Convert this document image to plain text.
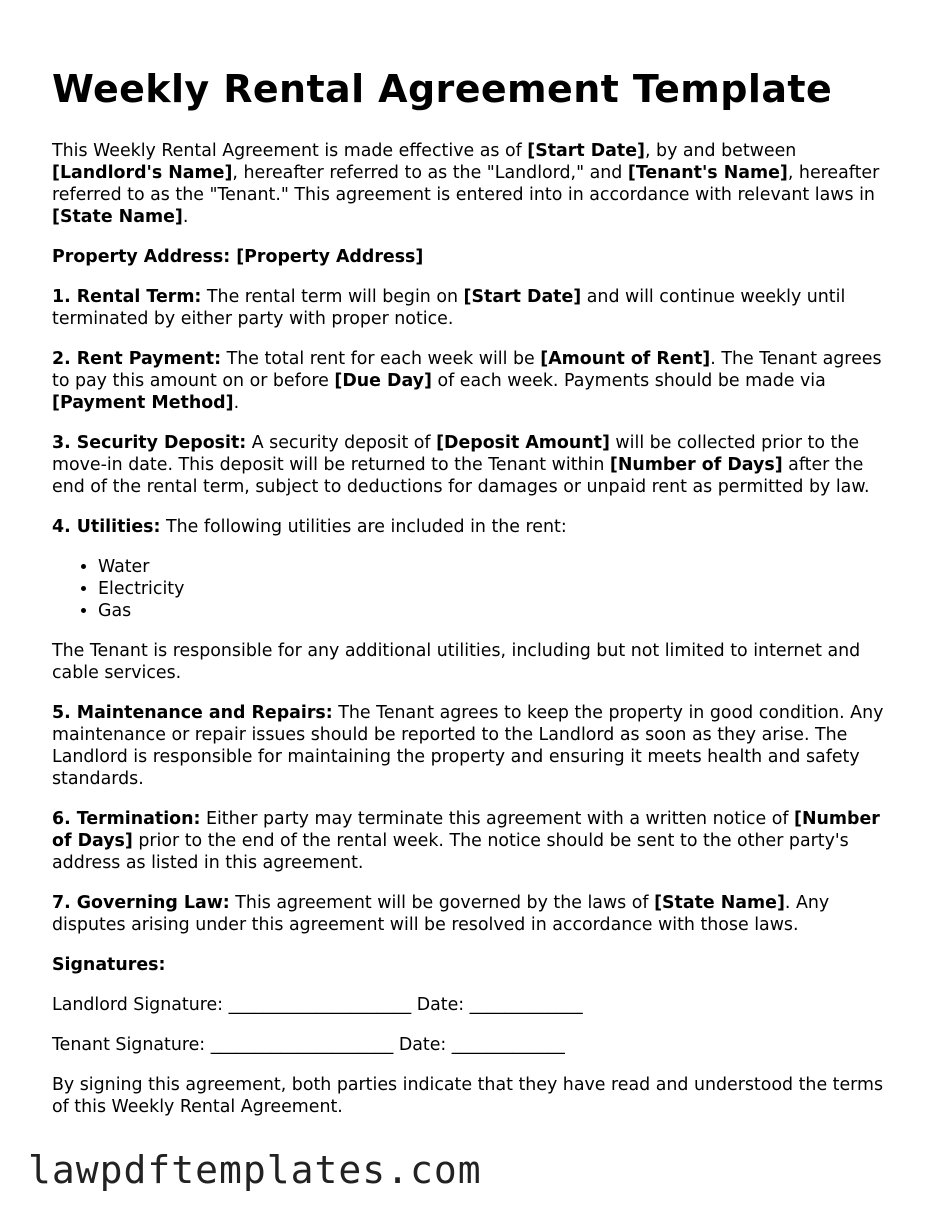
Weekly Rental Agreement Template

This Weekly Rental Agreement is made effective as of [Start Date], by and between [Landlord's Name], hereafter referred to as the "Landlord," and [Tenant's Name], hereafter referred to as the "Tenant." This agreement is entered into in accordance with relevant laws in [State Name].

Property Address: [Property Address]

1. Rental Term: The rental term will begin on [Start Date] and will continue weekly until terminated by either party with proper notice.

2. Rent Payment: The total rent for each week will be [Amount of Rent]. The Tenant agrees to pay this amount on or before [Due Day] of each week. Payments should be made via [Payment Method].

3. Security Deposit: A security deposit of [Deposit Amount] will be collected prior to the move-in date. This deposit will be returned to the Tenant within [Number of Days] after the end of the rental term, subject to deductions for damages or unpaid rent as permitted by law.

4. Utilities: The following utilities are included in the rent:

• Water
• Electricity
• Gas

The Tenant is responsible for any additional utilities, including but not limited to internet and cable services.

5. Maintenance and Repairs: The Tenant agrees to keep the property in good condition. Any maintenance or repair issues should be reported to the Landlord as soon as they arise. The Landlord is responsible for maintaining the property and ensuring it meets health and safety standards.

6. Termination: Either party may terminate this agreement with a written notice of [Number of Days] prior to the end of the rental week. The notice should be sent to the other party's address as listed in this agreement.

7. Governing Law: This agreement will be governed by the laws of [State Name]. Any disputes arising under this agreement will be resolved in accordance with those laws.

Signatures:

Landlord Signature: _____________________ Date: _____________

Tenant Signature: _____________________ Date: _____________

By signing this agreement, both parties indicate that they have read and understood the terms of this Weekly Rental Agreement.

lawpdftemplates.com
